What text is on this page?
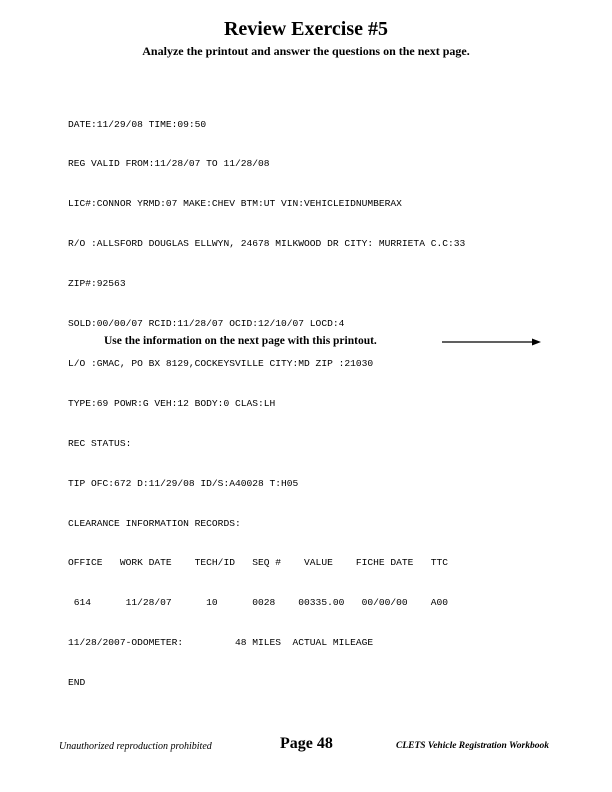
Review Exercise #5
Analyze the printout and answer the questions on the next page.

DATE:11/29/08 TIME:09:50

REG VALID FROM:11/28/07 TO 11/28/08

LIC#:CONNOR YRMD:07 MAKE:CHEV BTM:UT VIN:VEHICLEIDNUMBERAX

R/O :ALLSFORD DOUGLAS ELLWYN, 24678 MILKWOOD DR CITY: MURRIETA C.C:33

ZIP#:92563

SOLD:00/00/07 RCID:11/28/07 OCID:12/10/07 LOCD:4

L/O :GMAC, PO BX 8129,COCKEYSVILLE CITY:MD ZIP :21030

TYPE:69 POWR:G VEH:12 BODY:0 CLAS:LH

REC STATUS:

TIP OFC:672 D:11/29/08 ID/S:A40028 T:H05

CLEARANCE INFORMATION RECORDS:

OFFICE   WORK DATE    TECH/ID   SEQ #    VALUE    FICHE DATE   TTC

614      11/28/07      10      0028    00335.00   00/00/00    A00

11/28/2007-ODOMETER:         48 MILES  ACTUAL MILEAGE

END

Use the information on the next page with this printout.
Unauthorized reproduction prohibited	Page 48	CLETS Vehicle Registration Workbook
